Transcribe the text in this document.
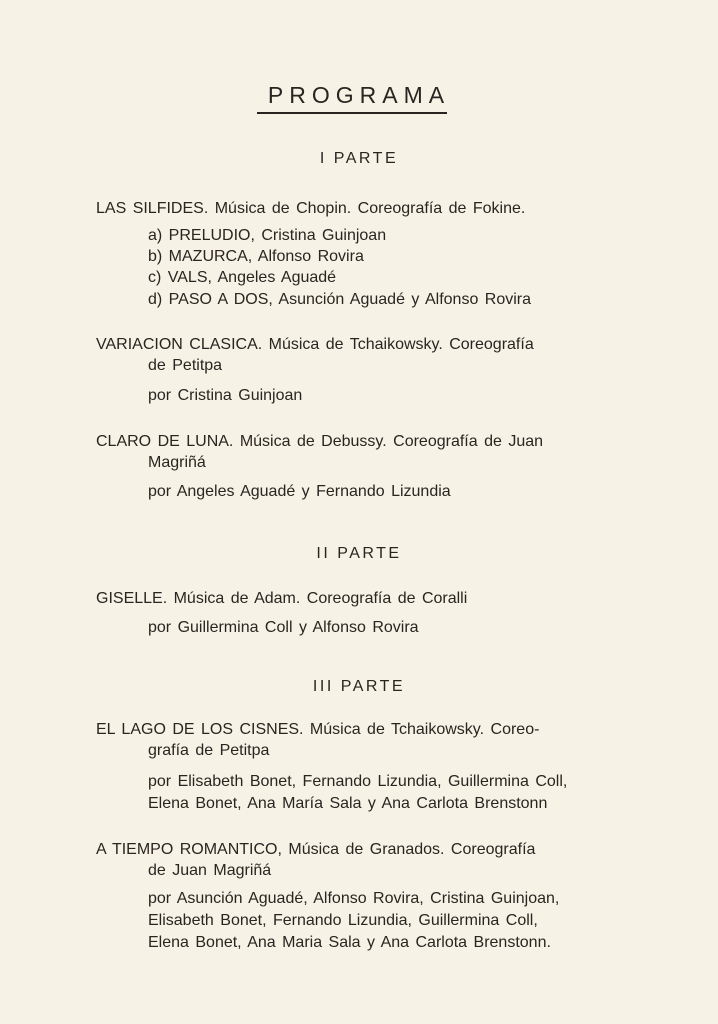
PROGRAMA
I PARTE
LAS SILFIDES. Música de Chopin. Coreografía de Fokine.
a) PRELUDIO, Cristina Guinjoan
b) MAZURCA, Alfonso Rovira
c) VALS, Angeles Aguadé
d) PASO A DOS, Asunción Aguadé y Alfonso Rovira
VARIACION CLASICA. Música de Tchaikowsky. Coreografía
de Petitpa
por Cristina Guinjoan
CLARO DE LUNA. Música de Debussy. Coreografía de Juan
Magriñá
por Angeles Aguadé y Fernando Lizundia
II PARTE
GISELLE. Música de Adam. Coreografía de Coralli
por Guillermina Coll y Alfonso Rovira
III PARTE
EL LAGO DE LOS CISNES. Música de Tchaikowsky. Coreo-
grafía de Petitpa
por Elisabeth Bonet, Fernando Lizundia, Guillermina Coll,
Elena Bonet, Ana María Sala y Ana Carlota Brenstonn
A TIEMPO ROMANTICO, Música de Granados. Coreografía
de Juan Magriñá
por Asunción Aguadé, Alfonso Rovira, Cristina Guinjoan,
Elisabeth Bonet, Fernando Lizundia, Guillermina Coll,
Elena Bonet, Ana Maria Sala y Ana Carlota Brenstonn.
